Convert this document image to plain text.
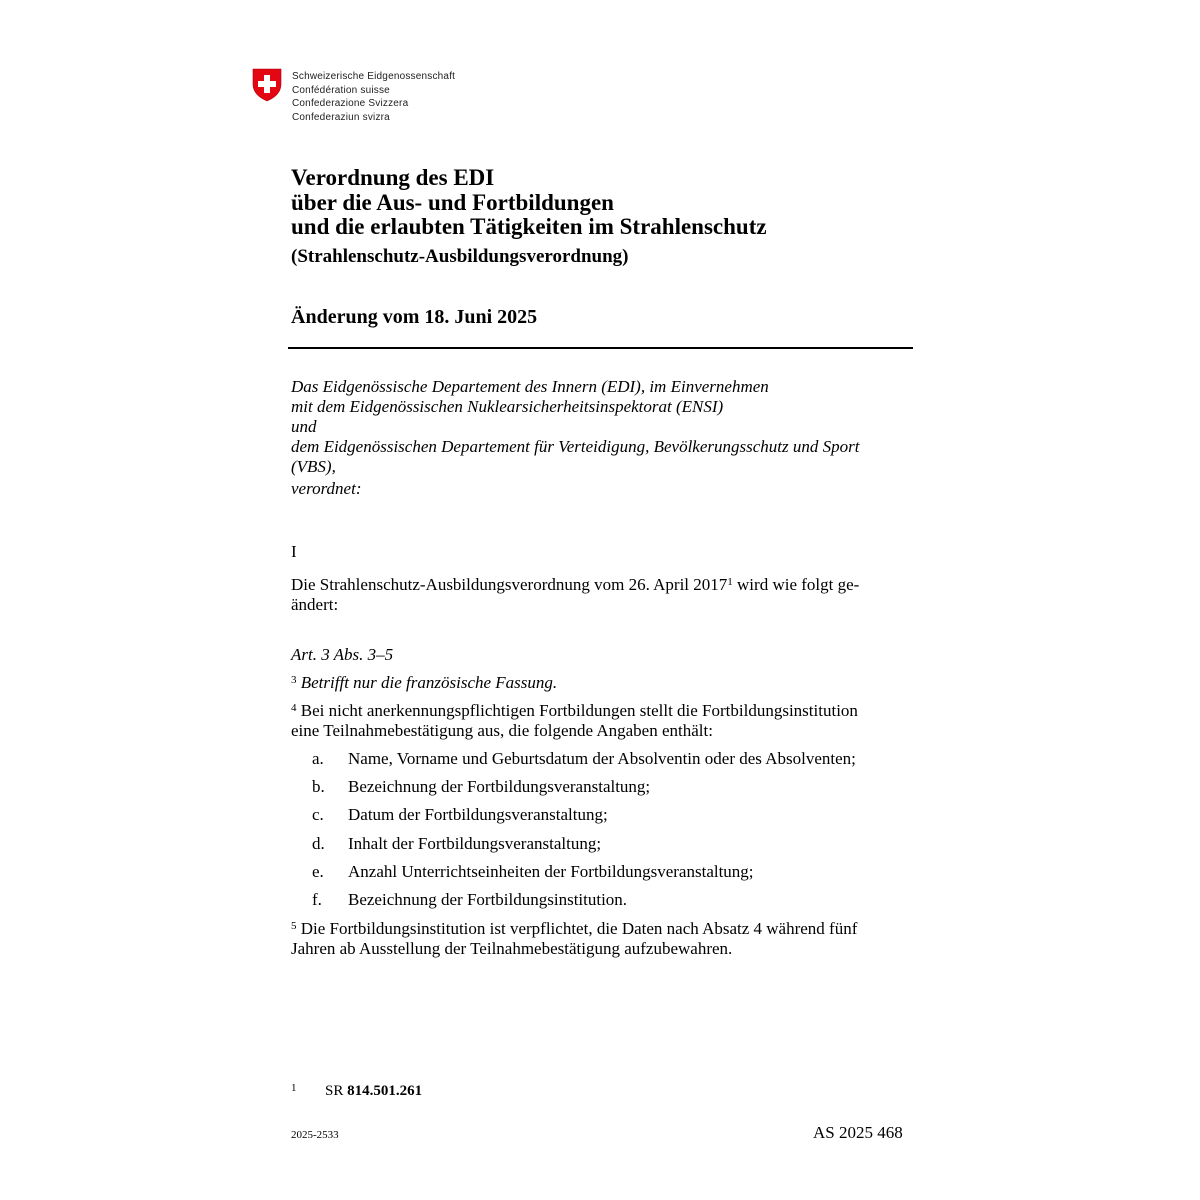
Schweizerische Eidgenossenschaft
Confédération suisse
Confederazione Svizzera
Confederaziun svizra
Verordnung des EDI
über die Aus- und Fortbildungen
und die erlaubten Tätigkeiten im Strahlenschutz
(Strahlenschutz-Ausbildungsverordnung)
Änderung vom 18. Juni 2025
Das Eidgenössische Departement des Innern (EDI), im Einvernehmen
mit dem Eidgenössischen Nuklearsicherheitsinspektorat (ENSI)
und
dem Eidgenössischen Departement für Verteidigung, Bevölkerungsschutz und Sport
(VBS),
verordnet:
I
Die Strahlenschutz-Ausbildungsverordnung vom 26. April 2017$^1$ wird wie folgt ge-
ändert:
Art. 3 Abs. 3–5
$^3$ Betrifft nur die französische Fassung.
$^4$ Bei nicht anerkennungspflichtigen Fortbildungen stellt die Fortbildungsinstitution
eine Teilnahmebestätigung aus, die folgende Angaben enthält:
a. Name, Vorname und Geburtsdatum der Absolventin oder des Absolventen;
b. Bezeichnung der Fortbildungsveranstaltung;
c. Datum der Fortbildungsveranstaltung;
d. Inhalt der Fortbildungsveranstaltung;
e. Anzahl Unterrichtseinheiten der Fortbildungsveranstaltung;
f. Bezeichnung der Fortbildungsinstitution.
$^5$ Die Fortbildungsinstitution ist verpflichtet, die Daten nach Absatz 4 während fünf
Jahren ab Ausstellung der Teilnahmebestätigung aufzubewahren.
1 SR 814.501.261
2025-2533	AS 2025 468
